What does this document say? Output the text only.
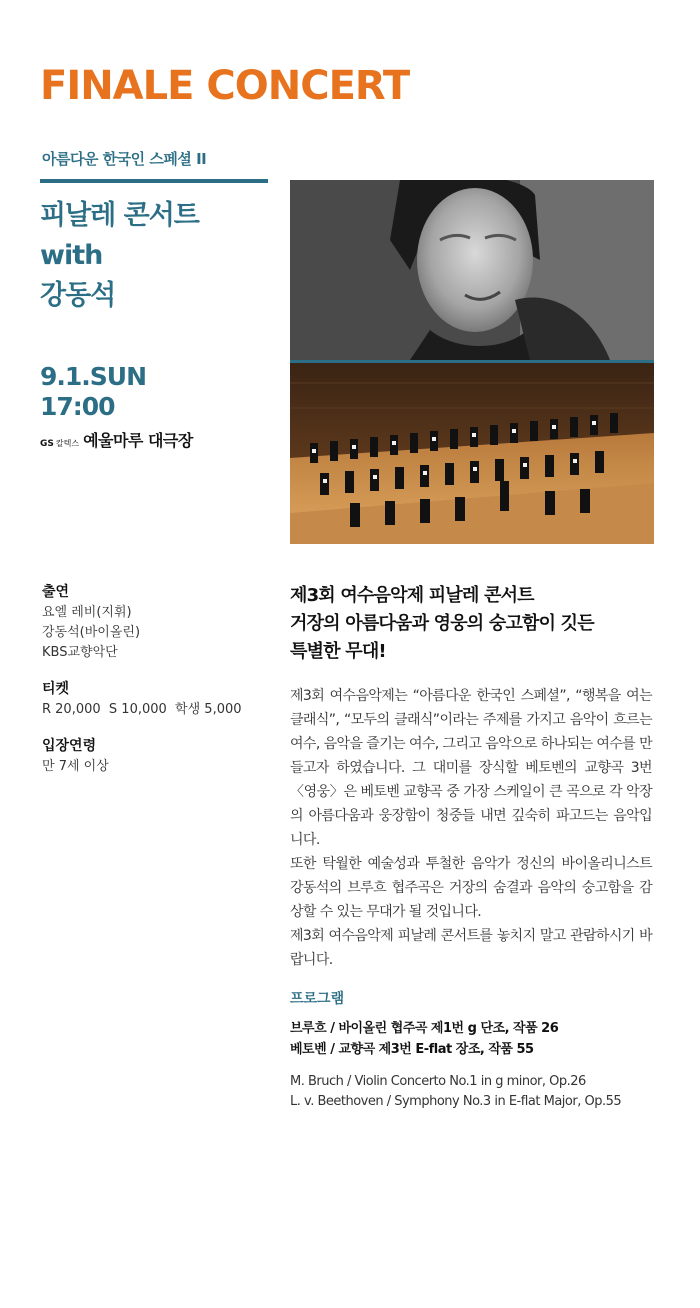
FINALE CONCERT
아름다운 한국인 스페셜 II
피날레 콘서트
with
강동석
9.1.SUN
17:00
GS 칼텍스 예울마루 대극장
출연
요엘 레비(지휘)
강동석(바이올린)
KBS교향악단
티켓
R 20,000  S 10,000  학생 5,000
입장연령
만 7세 이상
제3회 여수음악제 피날레 콘서트
거장의 아름다움과 영웅의 숭고함이 깃든
특별한 무대!

제3회 여수음악제는 “아름다운 한국인 스페셜”, “행복을 여는 클래식”, “모두의 클래식”이라는 주제를 가지고 음악이 흐르는 여수, 음악을 즐기는 여수, 그리고 음악으로 하나되는 여수를 만들고자 하였습니다. 그 대미를 장식할 베토벤의 교향곡 3번 〈영웅〉은 베토벤 교향곡 중 가장 스케일이 큰 곡으로 각 악장의 아름다움과 웅장함이 청중들 내면 깊숙히 파고드는 음악입니다.

또한 탁월한 예술성과 투철한 음악가 정신의 바이올리니스트 강동석의 브루흐 협주곡은 거장의 숨결과 음악의 숭고함을 감상할 수 있는 무대가 될 것입니다.

제3회 여수음악제 피날레 콘서트를 놓치지 말고 관람하시기 바랍니다.

프로그램
브루흐 / 바이올린 협주곡 제1번 g 단조, 작품 26
베토벤 / 교향곡 제3번 E-flat 장조, 작품 55
M. Bruch / Violin Concerto No.1 in g minor, Op.26
L. v. Beethoven / Symphony No.3 in E-flat Major, Op.55
